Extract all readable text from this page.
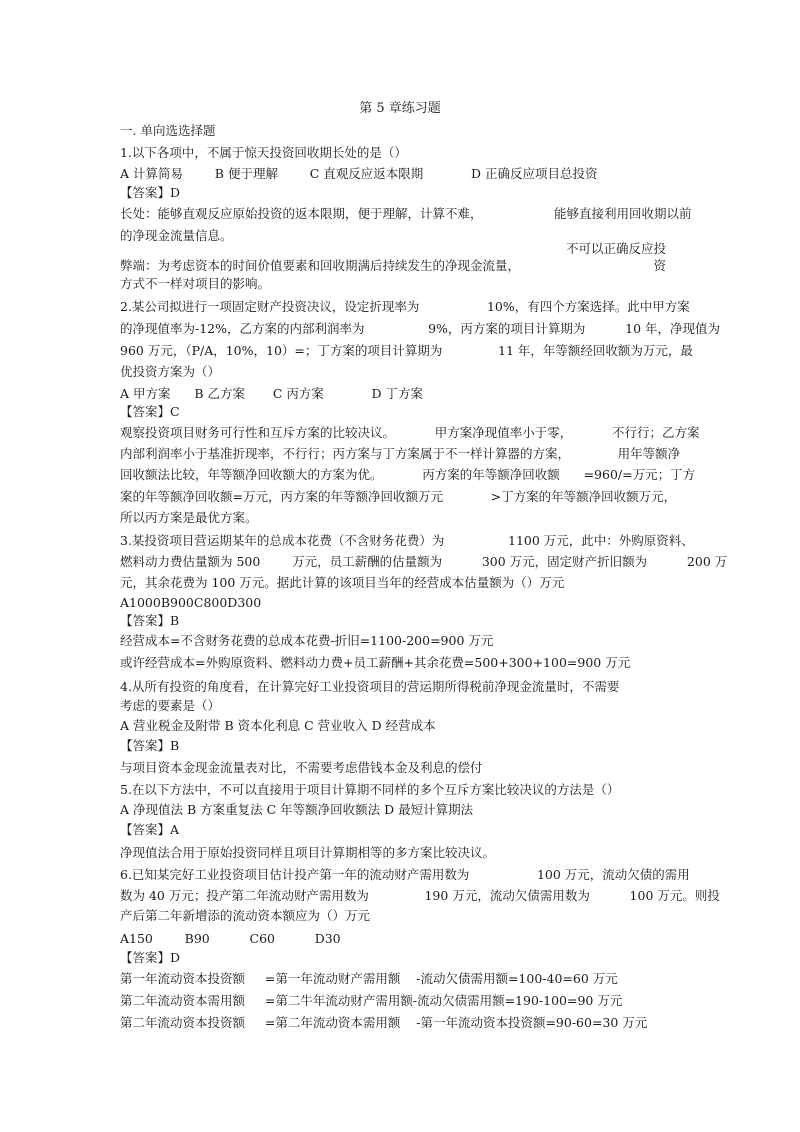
第 5 章练习题

一. 单向选选择题

1.以下各项中，不属于惊天投资回收期长处的是（）

A 计算简易        B 便于理解        C 直观反应返本限期            D 正确反应项目总投资

【答案】D

长处：能够直观反应原始投资的返本限期，便于理解，计算不难，                  能够直接利用回收期以前

的净现金流量信息。

不可以正确反应投

弊端：为考虑资本的时间价值要素和回收期满后持续发生的净现金流量，	资

方式不一样对项目的影响。

2.某公司拟进行一项固定财产投资决议，设定折现率为                 10%，有四个方案选择。此中甲方案

的净现值率为-12%，乙方案的内部利润率为                9%，丙方案的项目计算期为          10 年，净现值为

960 万元，（P/A，10%，10）=；丁方案的项目计算期为              11 年，年等额经回收额为万元，最

优投资方案为（）

A 甲方案      B 乙方案       C 丙方案            D 丁方案

【答案】C

观察投资项目财务可行性和互斥方案的比较决议。          甲方案净现值率小于零，          不行行；乙方案

内部利润率小于基准折现率，不行行；丙方案与丁方案属于不一样计算器的方案，            用年等额净

回收额法比较，年等额净回收额大的方案为优。          丙方案的年等额净回收额      =960/=万元；丁方

案的年等额净回收额=万元，丙方案的年等额净回收额万元            >丁方案的年等额净回收额万元，

所以丙方案是最优方案。

3.某投资项目营运期某年的总成本花费（不含财务花费）为                1100 万元，此中：外购原资料、

燃料动力费估量额为 500        万元，员工薪酬的估量额为          300 万元，固定财产折旧额为          200 万

元，其余花费为 100 万元。据此计算的该项目当年的经营成本估量额为（）万元

A1000B900C800D300

【答案】B

经营成本=不含财务花费的总成本花费-折旧=1100-200=900 万元

或许经营成本=外购原资料、燃料动力费+员工薪酬+其余花费=500+300+100=900 万元

4.从所有投资的角度看，在计算完好工业投资项目的营运期所得税前净现金流量时，不需要

考虑的要素是（）

A 营业税金及附带 B 资本化利息 C 营业收入 D 经营成本

【答案】B

与项目资本金现金流量表对比，不需要考虑借钱本金及利息的偿付

5.在以下方法中，不可以直接用于项目计算期不同样的多个互斥方案比较决议的方法是（）

A 净现值法 B 方案重复法 C 年等额净回收额法 D 最短计算期法

【答案】A

净现值法合用于原始投资同样且项目计算期相等的多方案比较决议。

6.已知某完好工业投资项目估计投产第一年的流动财产需用数为                 100 万元，流动欠债的需用

数为 40 万元；投产第二年流动财产需用数为              190 万元，流动欠债需用数为          100 万元。则投

产后第二年新增添的流动资本额应为（）万元

A150        B90          C60          D30

【答案】D

第一年流动资本投资额     =第一年流动财产需用额    -流动欠债需用额=100-40=60 万元

第二年流动资本需用额     =第二牛年流动财产需用额-流动欠债需用额=190-100=90 万元

第二年流动资本投资额     =第二年流动资本需用额    -第一年流动资本投资额=90-60=30 万元
